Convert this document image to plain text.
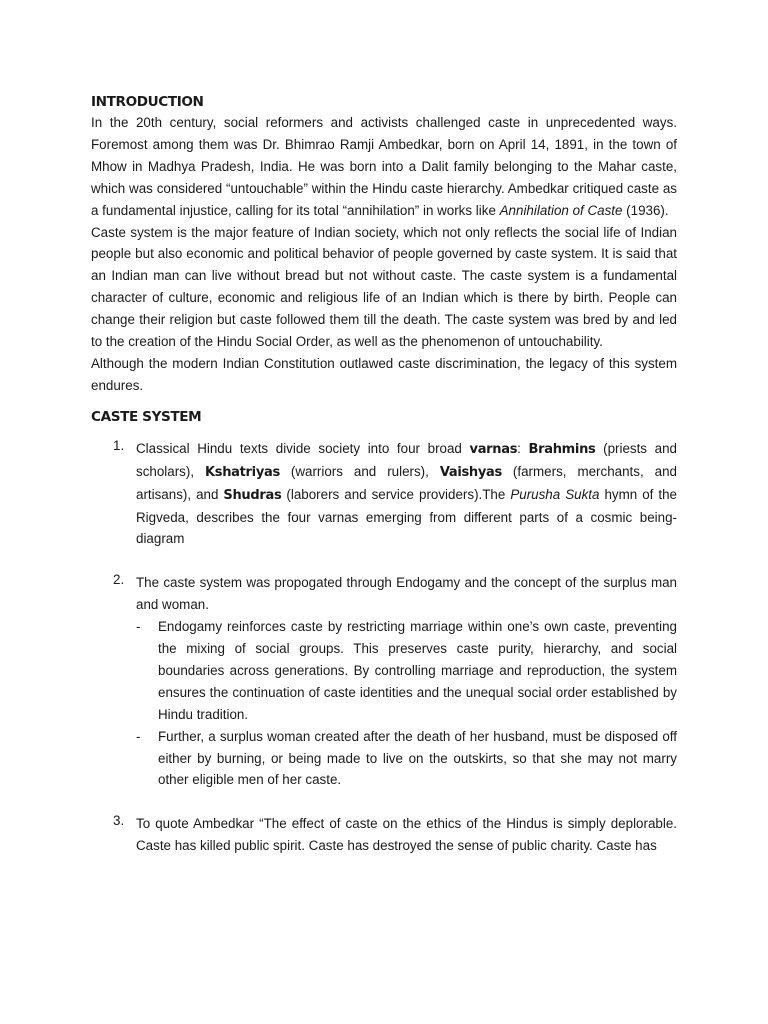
INTRODUCTION

In the 20th century, social reformers and activists challenged caste in unprecedented ways. Foremost among them was Dr. Bhimrao Ramji Ambedkar, born on April 14, 1891, in the town of Mhow in Madhya Pradesh, India. He was born into a Dalit family belonging to the Mahar caste, which was considered “untouchable” within the Hindu caste hierarchy. Ambedkar critiqued caste as a fundamental injustice, calling for its total “annihilation” in works like Annihilation of Caste (1936).

Caste system is the major feature of Indian society, which not only reflects the social life of Indian people but also economic and political behavior of people governed by caste system. It is said that an Indian man can live without bread but not without caste. The caste system is a fundamental character of culture, economic and religious life of an Indian which is there by birth. People can change their religion but caste followed them till the death. The caste system was bred by and led to the creation of the Hindu Social Order, as well as the phenomenon of untouchability.

Although the modern Indian Constitution outlawed caste discrimination, the legacy of this system endures.

CASTE SYSTEM
1. Classical Hindu texts divide society into four broad varnas: Brahmins (priests and scholars), Kshatriyas (warriors and rulers), Vaishyas (farmers, merchants, and artisans), and Shudras (laborers and service providers).The Purusha Sukta hymn of the Rigveda, describes the four varnas emerging from different parts of a cosmic being- diagram
2. The caste system was propogated through Endogamy and the concept of the surplus man and woman.
- Endogamy reinforces caste by restricting marriage within one’s own caste, preventing the mixing of social groups. This preserves caste purity, hierarchy, and social boundaries across generations. By controlling marriage and reproduction, the system ensures the continuation of caste identities and the unequal social order established by Hindu tradition.
- Further, a surplus woman created after the death of her husband, must be disposed off either by burning, or being made to live on the outskirts, so that she may not marry other eligible men of her caste.
3. To quote Ambedkar “The effect of caste on the ethics of the Hindus is simply deplorable. Caste has killed public spirit. Caste has destroyed the sense of public charity. Caste has
